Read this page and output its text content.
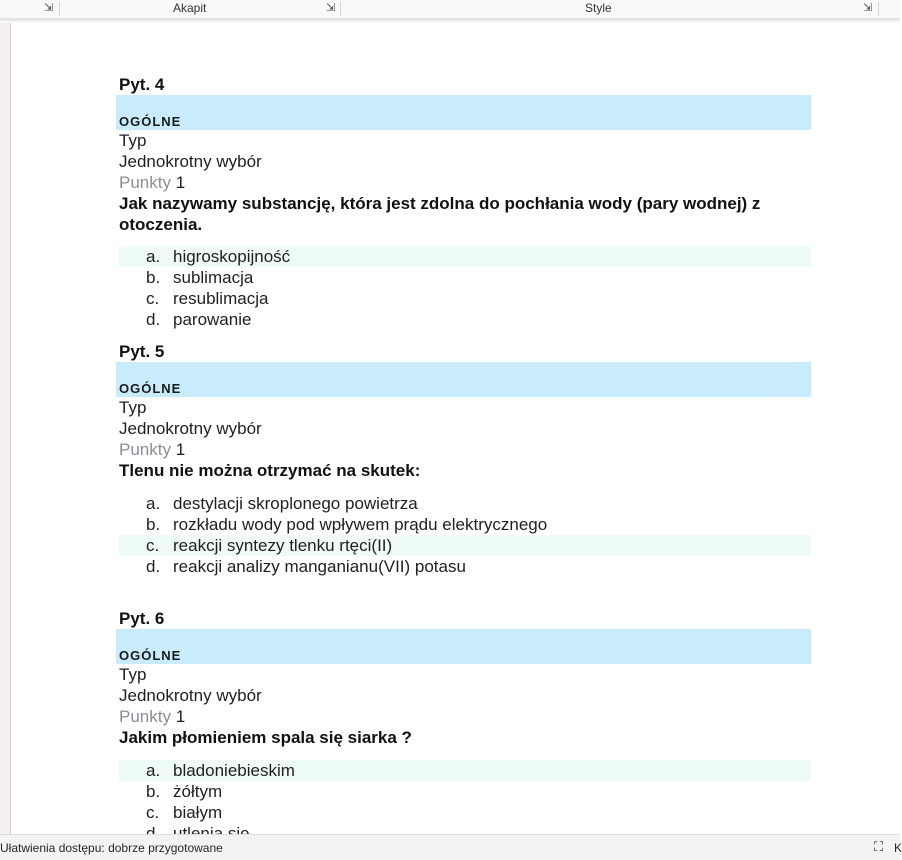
⇲	Akapit	⇲	Style	⇲
Pyt. 4
OGÓLNE
Typ
Jednokrotny wybór
Punkty 1
Jak nazywamy substancję, która jest zdolna do pochłania wody (pary wodnej) z otoczenia.
a. higroskopijność
b. sublimacja
c. resublimacja
d. parowanie
Pyt. 5
OGÓLNE
Typ
Jednokrotny wybór
Punkty 1
Tlenu nie można otrzymać na skutek:
a. destylacji skroplonego powietrza
b. rozkładu wody pod wpływem prądu elektrycznego
c. reakcji syntezy tlenku rtęci(II)
d. reakcji analizy manganianu(VII) potasu
Pyt. 6
OGÓLNE
Typ
Jednokrotny wybór
Punkty 1
Jakim płomieniem spala się siarka ?
a. bladoniebieskim
b. żółtym
c. białym
Ułatwienia dostępu: dobrze przygotowane	⛶ K
